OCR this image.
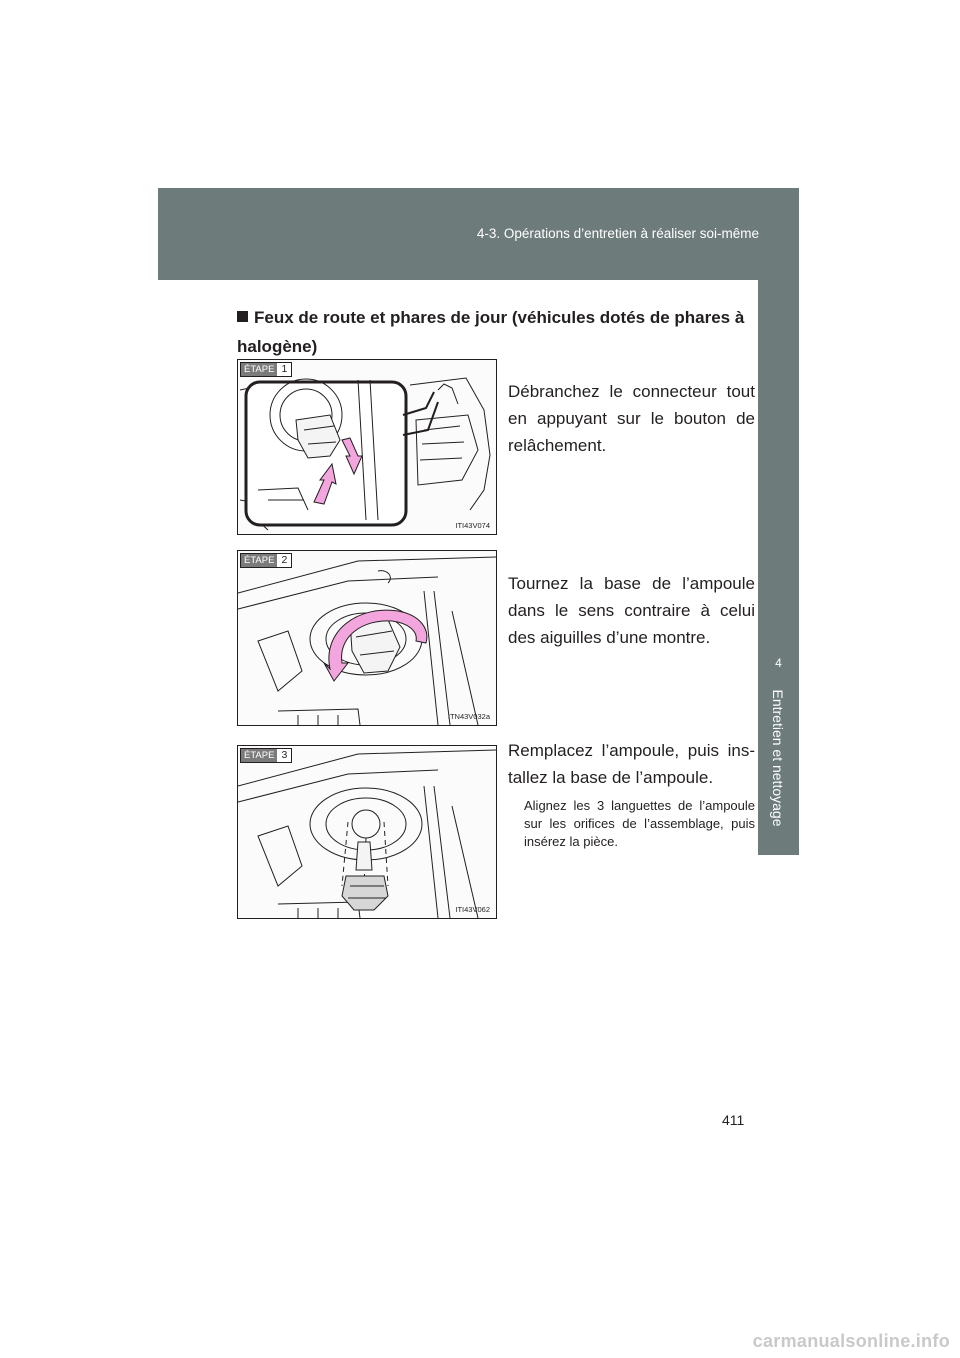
4-3. Opérations d’entretien à réaliser soi-même
4
Entretien et nettoyage
Feux de route et phares de jour (véhicules dotés de phares à halogène)
ÉTAPE 1
ITI43V074
Débranchez le connecteur tout en appuyant sur le bouton de relâchement.
ÉTAPE 2
ITN43V032a
Tournez la base de l’ampoule dans le sens contraire à celui des aiguilles d’une montre.
ÉTAPE 3
ITI43V062
Remplacez l’ampoule, puis ins-tallez la base de l’ampoule.
Alignez les 3 languettes de l’ampoule sur les orifices de l’assemblage, puis insérez la pièce.
411
carmanualsonline.info
